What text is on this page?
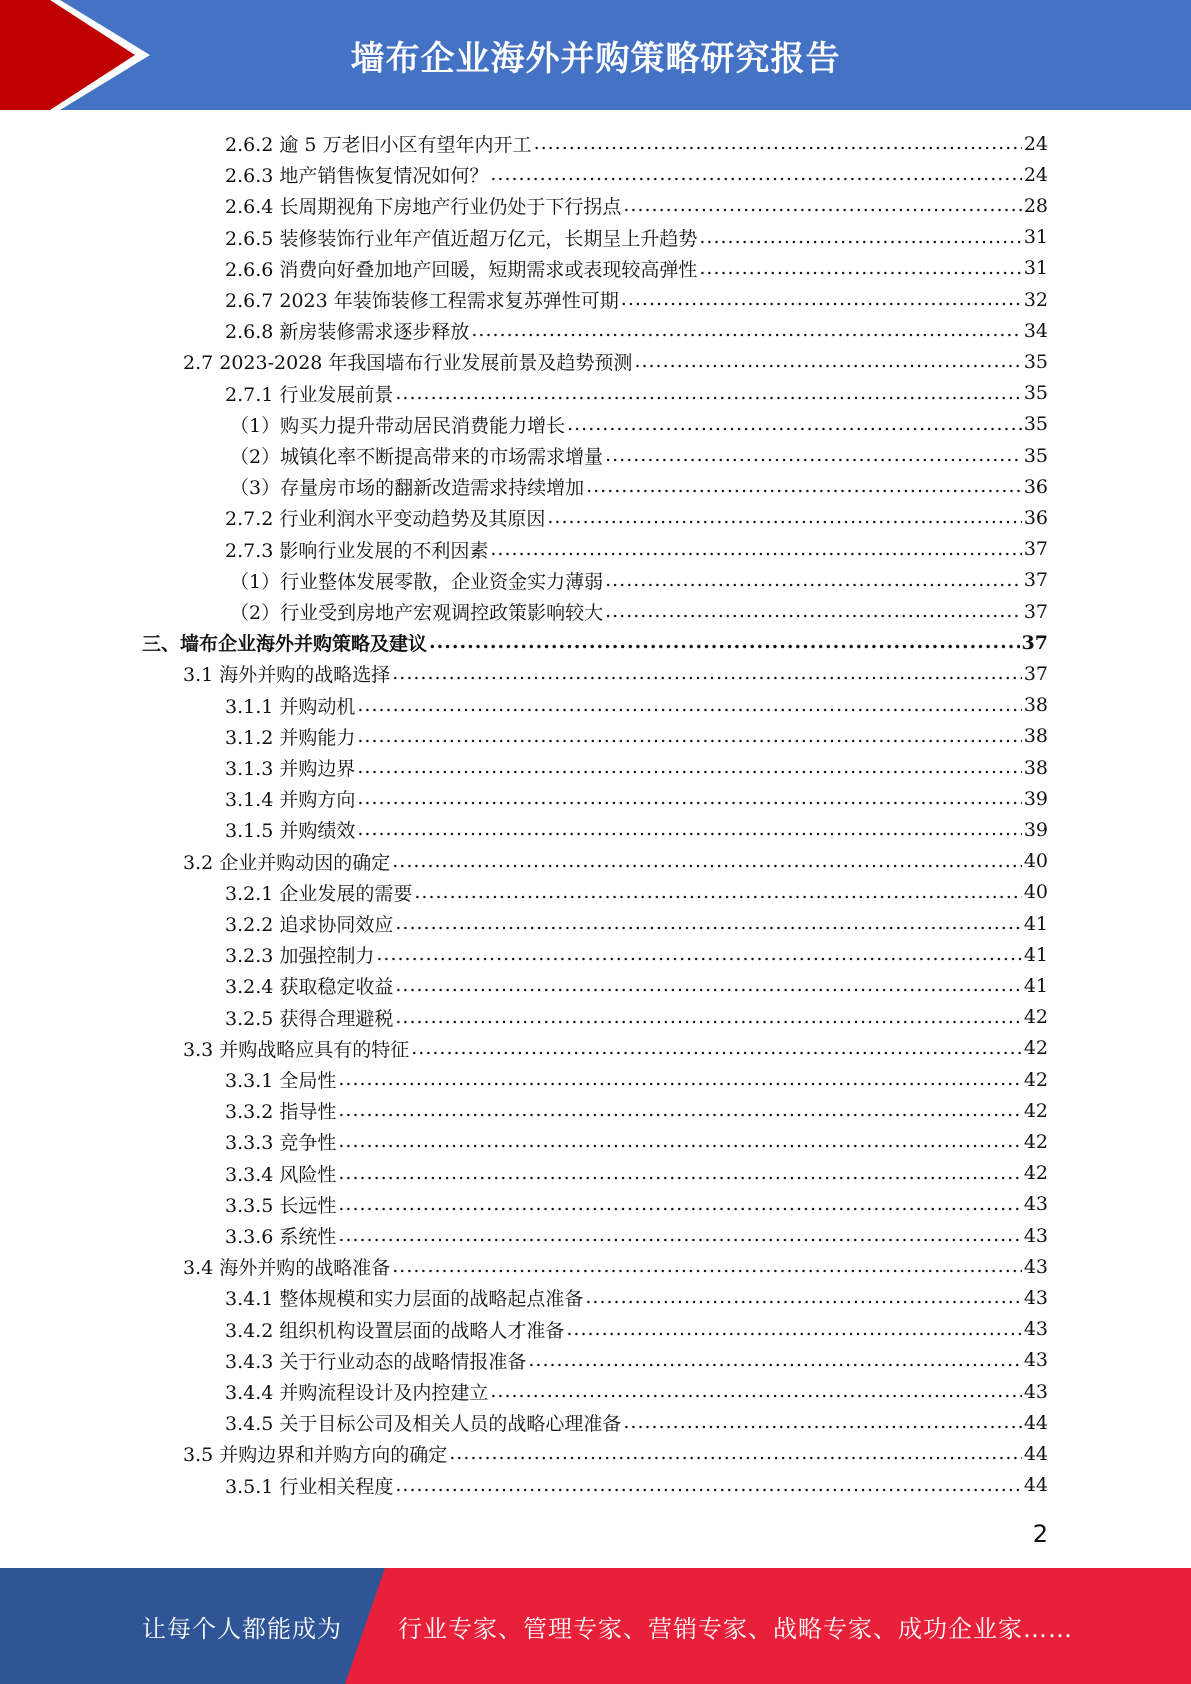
墙布企业海外并购策略研究报告
2.6.2 逾 5 万老旧小区有望年内开工 .....	24
2.6.3 地产销售恢复情况如何？ .....	24
2.6.4 长周期视角下房地产行业仍处于下行拐点 .....	28
2.6.5 装修装饰行业年产值近超万亿元，长期呈上升趋势 .....	31
2.6.6 消费向好叠加地产回暖，短期需求或表现较高弹性 .....	31
2.6.7 2023 年装饰装修工程需求复苏弹性可期 .....	32
2.6.8 新房装修需求逐步释放 .....	34
2.7 2023-2028 年我国墙布行业发展前景及趋势预测 .....	35
2.7.1 行业发展前景 .....	35
（1）购买力提升带动居民消费能力增长 .....	35
（2）城镇化率不断提高带来的市场需求增量 .....	35
（3）存量房市场的翻新改造需求持续增加 .....	36
2.7.2 行业利润水平变动趋势及其原因 .....	36
2.7.3 影响行业发展的不利因素 .....	37
（1）行业整体发展零散，企业资金实力薄弱 .....	37
（2）行业受到房地产宏观调控政策影响较大 .....	37
三、墙布企业海外并购策略及建议 .....	37
3.1 海外并购的战略选择 .....	37
3.1.1 并购动机 .....	38
3.1.2 并购能力 .....	38
3.1.3 并购边界 .....	38
3.1.4 并购方向 .....	39
3.1.5 并购绩效 .....	39
3.2 企业并购动因的确定 .....	40
3.2.1 企业发展的需要 .....	40
3.2.2 追求协同效应 .....	41
3.2.3 加强控制力 .....	41
3.2.4 获取稳定收益 .....	41
3.2.5 获得合理避税 .....	42
3.3 并购战略应具有的特征 .....	42
3.3.1 全局性 .....	42
3.3.2 指导性 .....	42
3.3.3 竞争性 .....	42
3.3.4 风险性 .....	42
3.3.5 长远性 .....	43
3.3.6 系统性 .....	43
3.4 海外并购的战略准备 .....	43
3.4.1 整体规模和实力层面的战略起点准备 .....	43
3.4.2 组织机构设置层面的战略人才准备 .....	43
3.4.3 关于行业动态的战略情报准备 .....	43
3.4.4 并购流程设计及内控建立 .....	43
3.4.5 关于目标公司及相关人员的战略心理准备 .....	44
3.5 并购边界和并购方向的确定 .....	44
3.5.1 行业相关程度 .....	44
2
让每个人都能成为 行业专家、管理专家、营销专家、战略专家、成功企业家……
